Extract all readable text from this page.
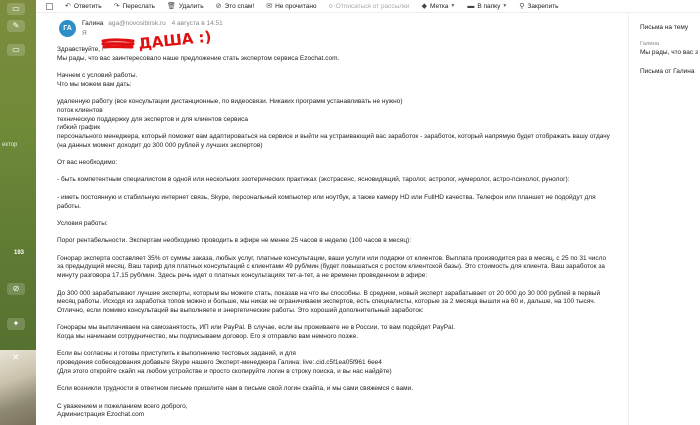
▭
✎
▭
ектор
193
⊘
✦
✕
↶ Ответить ↷ Переслать 🗑 Удалить ⊘ Это спам! ✉ Не прочитано ○ Отписаться от рассылки ◆ Метка ▼ ▬ В папку ▼ ⚲ Закрепить
ГА
Галина aga@novosibirsk.ru 4 августа в 14:51
Я

Здравствуйте, !

Мы рады, что вас заинтересовало наше предложение стать экспертом сервиса Ezochat.com.

Начнем с условий работы.

Что мы можем вам дать:

удаленную работу (все консультации дистанционные, по видеосвязи. Никаких программ устанавливать не нужно)

поток клиентов

техническую поддержку для экспертов и для клиентов сервиса

гибкий график

персонального менеджера, который поможет вам адаптироваться на сервисе и выйти на устраивающий вас заработок - заработок, который напрямую будет отображать вашу отдачу (на данных момент доходит до 300 000 рублей у лучших экспертов)

От вас необходимо:

- быть компетентным специалистом в одной или нескольких эзотерических практиках (экстрасенс, ясновидящий, таролог, астролог, нумеролог, астро-психолог, рунолог):

- иметь постоянную и стабильную интернет связь, Skype, персональный компьютер или ноутбук, а также камеру HD или FullHD качества. Телефон или планшет не подойдут для работы.

Условия работы:

Порог рентабельности. Экспертам необходимо проводить в эфире не менее 25 часов в неделю (100 часов в месяц):

Гонорар эксперта составляет 35% от суммы заказа, любых услуг, платные консультации, ваши услуги или подарки от клиентов. Выплата производится раз в месяц, с 25 по 31 число за предыдущий месяц. Ваш тариф для платных консультаций с клиентами 49 руб/мин (будет повышаться с ростом клиентской базы). Это стоимость для клиента. Ваш заработок за минуту разговора 17,15 руб/мин. Здесь речь идет о платных консультациях тет-а-тет, а не времени проведенном в эфире:

До 300 000 зарабатывают лучшие эксперты, которым вы можете стать, показав на что вы способны. В среднем, новый эксперт зарабатывает от 20 000 до 30 000 рублей в первый месяц работы. Исходя из заработка топов можно и больше, мы никак не ограничиваем экспертов, есть специалисты, которые за 2 месяца вышли на 60 и, дальше, на 100 тысяч. Отлично, если помимо консультаций вы выполняете и энергетические работы. Это хороший дополнительный заработок:

Гонорары мы выплачиваем на самозанятость, ИП или PayPal. В случае, если вы проживаете не в России, то вам подойдет PayPal.

Когда мы начинаем сотрудничество, мы подписываем договор. Его я отправлю вам немного позже.

Если вы согласны и готовы приступить к выполнению тестовых заданий, и для

проведения собеседования добавьте Skype нашего Эксперт-менеджера Галина: live:.cid.c5f1ea05f961 6ee4

(Для этого откройте скайп на любом устройстве и просто скопируйте логин в строку поиска, и вы нас найдёте)

Если возникли трудности в ответном письме пришлите нам в письме свой логин скайпа, и мы сами свяжемся с вами.

С уважением и пожеланием всего доброго,

Администрация Ezochat.com

ДАША :)	Письма на тему
Галина
Мы рады, что вас з
Письма от Галина
